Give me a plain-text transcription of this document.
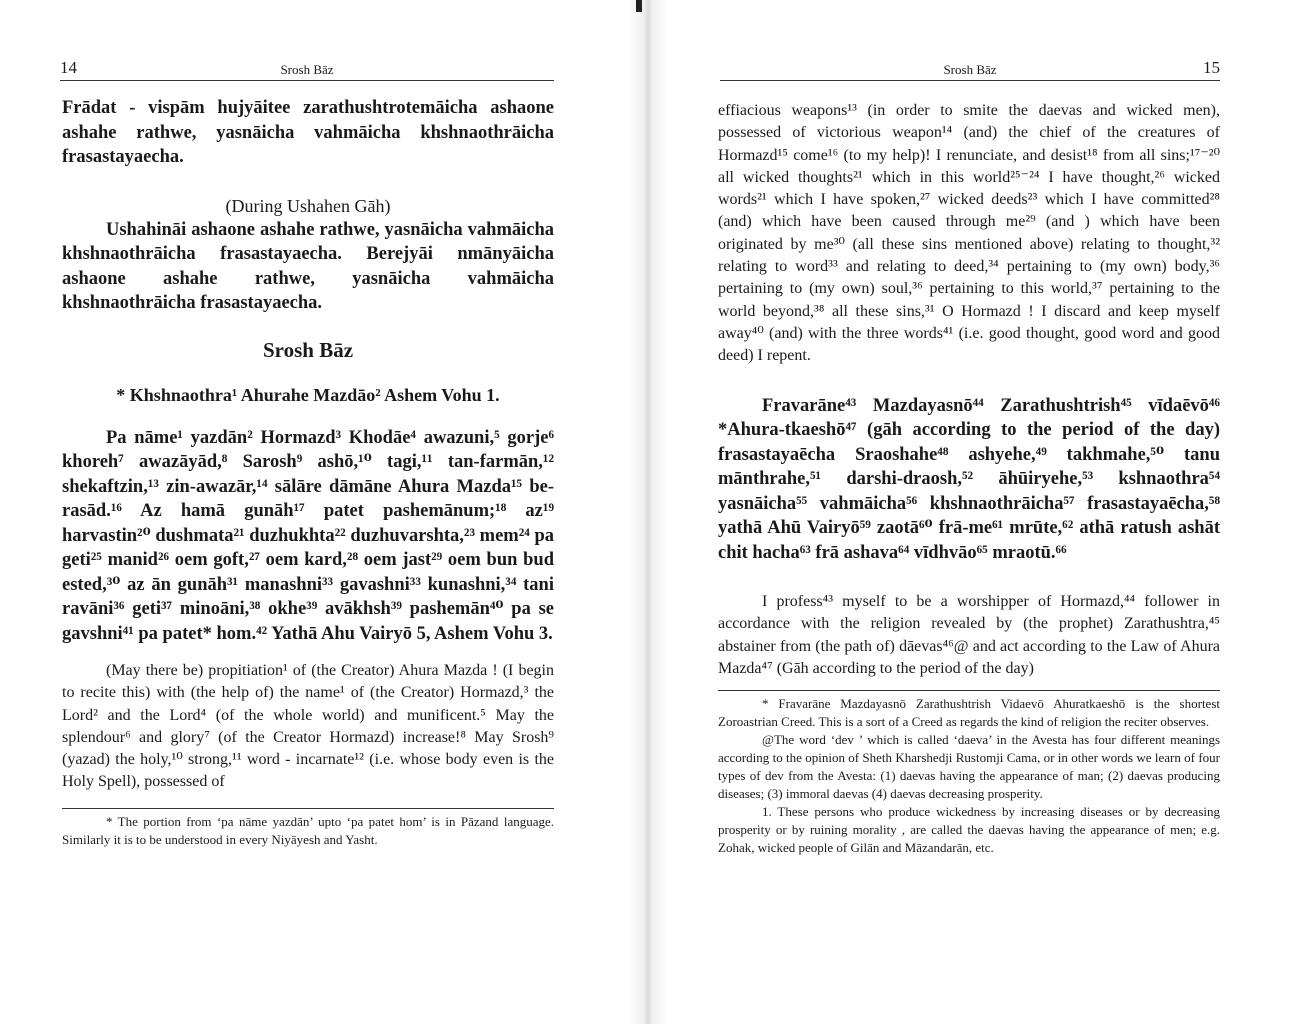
14	Srosh Bāz

Frādat - vispām hujyāitee zarathushtrotemāicha ashaone ashahe rathwe, yasnāicha vahmāicha khshnaothrāicha frasastayaecha.

(During Ushahen Gāh)

Ushahināi ashaone ashahe rathwe, yasnāicha vahmāicha khshnaothrāicha frasastayaecha. Berejyāi nmānyāicha ashaone ashahe rathwe, yasnāicha vahmāicha khshnaothrāicha frasastayaecha.

Srosh Bāz

* Khshnaothra¹ Ahurahe Mazdāo² Ashem Vohu 1.

Pa nāme¹ yazdān² Hormazd³ Khodāe⁴ awazuni,⁵ gorje⁶ khoreh⁷ awazāyād,⁸ Sarosh⁹ ashō,¹⁰ tagi,¹¹ tan-farmān,¹² shekaftzin,¹³ zin-awazār,¹⁴ sālāre dāmāne Ahura Mazda¹⁵ be-rasād.¹⁶ Az hamā gunāh¹⁷ patet pashemānum;¹⁸ az¹⁹ harvastin²⁰ dushmata²¹ duzhukhta²² duzhuvarshta,²³ mem²⁴ pa geti²⁵ manid²⁶ oem goft,²⁷ oem kard,²⁸ oem jast²⁹ oem bun bud ested,³⁰ az ān gunāh³¹ manashni³³ gavashni³³ kunashni,³⁴ tani ravāni³⁶ geti³⁷ minoāni,³⁸ okhe³⁹ avākhsh³⁹ pashemān⁴⁰ pa se gavshni⁴¹ pa patet* hom.⁴² Yathā Ahu Vairyō 5, Ashem Vohu 3.

(May there be) propitiation¹ of (the Creator) Ahura Mazda ! (I begin to recite this) with (the help of) the name¹ of (the Creator) Hormazd,³ the Lord² and the Lord⁴ (of the whole world) and munificent.⁵ May the splendour⁶ and glory⁷ (of the Creator Hormazd) increase!⁸ May Srosh⁹ (yazad) the holy,¹⁰ strong,¹¹ word - incarnate¹² (i.e. whose body even is the Holy Spell), possessed of

* The portion from ‘pa nāme yazdān’ upto ‘pa patet hom’ is in Pāzand language. Similarly it is to be understood in every Niyāyesh and Yasht.

Srosh Bāz	15

effiacious weapons¹³ (in order to smite the daevas and wicked men), possessed of victorious weapon¹⁴ (and) the chief of the creatures of Hormazd¹⁵ come¹⁶ (to my help)! I renunciate, and desist¹⁸ from all sins;¹⁷⁻²⁰ all wicked thoughts²¹ which in this world²⁵⁻²⁴ I have thought,²⁶ wicked words²¹ which I have spoken,²⁷ wicked deeds²³ which I have committed²⁸ (and) which have been caused through me²⁹ (and ) which have been originated by me³⁰ (all these sins mentioned above) relating to thought,³² relating to word³³ and relating to deed,³⁴ pertaining to (my own) body,³⁶ pertaining to (my own) soul,³⁶ pertaining to this world,³⁷ pertaining to the world beyond,³⁸ all these sins,³¹ O Hormazd ! I discard and keep myself away⁴⁰ (and) with the three words⁴¹ (i.e. good thought, good word and good deed) I repent.

Fravarāne⁴³ Mazdayasnō⁴⁴ Zarathushtrish⁴⁵ vīdaēvō⁴⁶ *Ahura-tkaeshō⁴⁷ (gāh according to the period of the day) frasastayaēcha Sraoshahe⁴⁸ ashyehe,⁴⁹ takhmahe,⁵⁰ tanu mānthrahe,⁵¹ darshi-draosh,⁵² āhūiryehe,⁵³ kshnaothra⁵⁴ yasnāicha⁵⁵ vahmāicha⁵⁶ khshnaothrāicha⁵⁷ frasastayaēcha,⁵⁸ yathā Ahū Vairyō⁵⁹ zaotā⁶⁰ frā-me⁶¹ mrūte,⁶² athā ratush ashāt chit hacha⁶³ frā ashava⁶⁴ vīdhvāo⁶⁵ mraotū.⁶⁶

I profess⁴³ myself to be a worshipper of Hormazd,⁴⁴ follower in accordance with the religion revealed by (the prophet) Zarathushtra,⁴⁵ abstainer from (the path of) dāevas⁴⁶@ and act according to the Law of Ahura Mazda⁴⁷ (Gāh according to the period of the day)

* Fravarāne Mazdayasnō Zarathushtrish Vidaevō Ahuratkaeshō is the shortest Zoroastrian Creed. This is a sort of a Creed as regards the kind of religion the reciter observes.

@The word ‘dev ’ which is called ‘daeva’ in the Avesta has four different meanings according to the opinion of Sheth Kharshedji Rustomji Cama, or in other words we learn of four types of dev from the Avesta: (1) daevas having the appearance of man; (2) daevas producing diseases; (3) immoral daevas (4) daevas decreasing prosperity.

1. These persons who produce wickedness by increasing diseases or by decreasing prosperity or by ruining morality , are called the daevas having the appearance of men; e.g. Zohak, wicked people of Gilān and Māzandarān, etc.
